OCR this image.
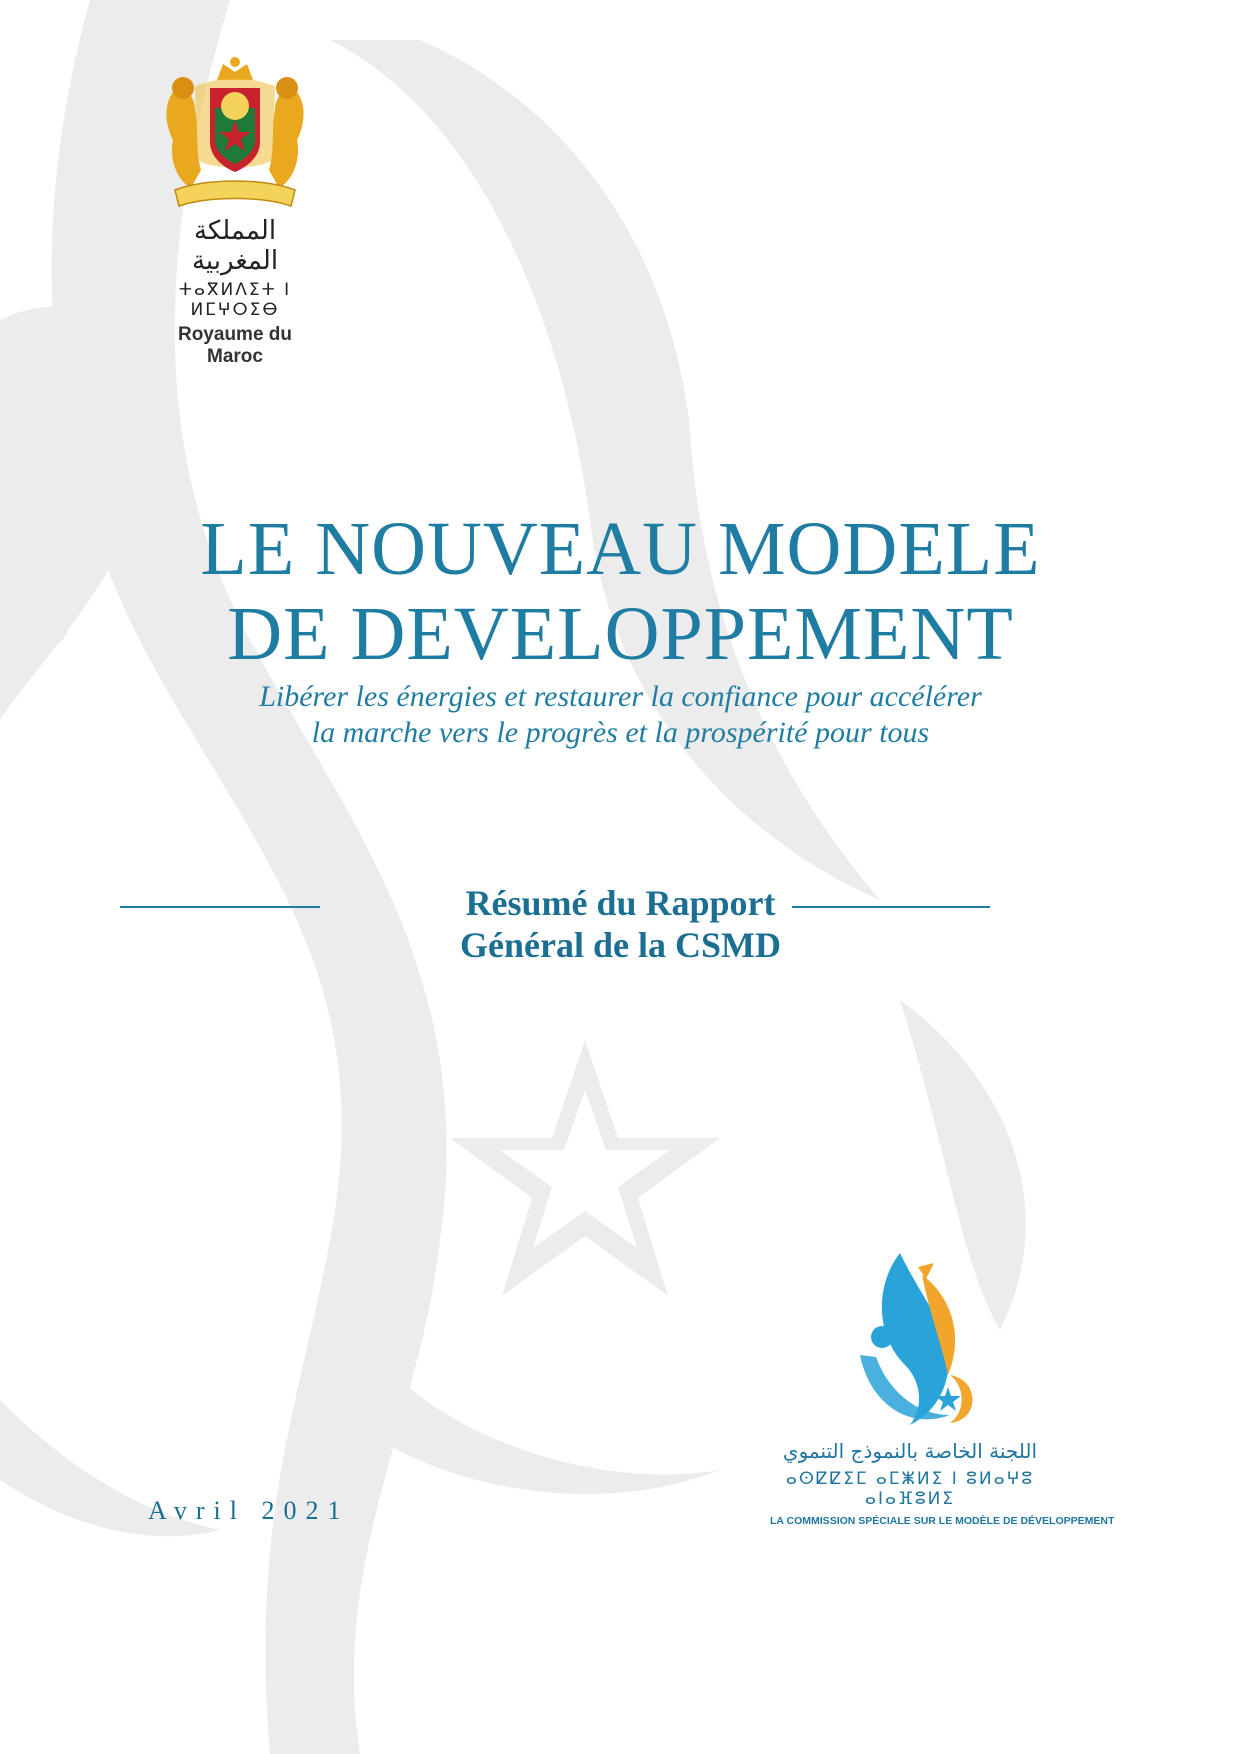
المملكة المغربية
ⵜⴰⴳⵍⴷⵉⵜ ⵏ ⵍⵎⵖⵔⵉⴱ
Royaume du Maroc
LE NOUVEAU MODELE
DE DEVELOPPEMENT
Libérer les énergies et restaurer la confiance pour accélérer
la marche vers le progrès et la prospérité pour tous
Résumé du Rapport
Général de la CSMD
Avril 2021
اللجنة الخاصة بالنموذج التنموي
ⴰⵙⵇⵇⵉⵎ ⴰⵎⵥⵍⵉ ⵏ ⵓⵍⴰⵖⵓ ⴰⵏⴰⴼⵓⵍⵉ
LA COMMISSION SPÉCIALE SUR LE MODÈLE DE DÉVELOPPEMENT
